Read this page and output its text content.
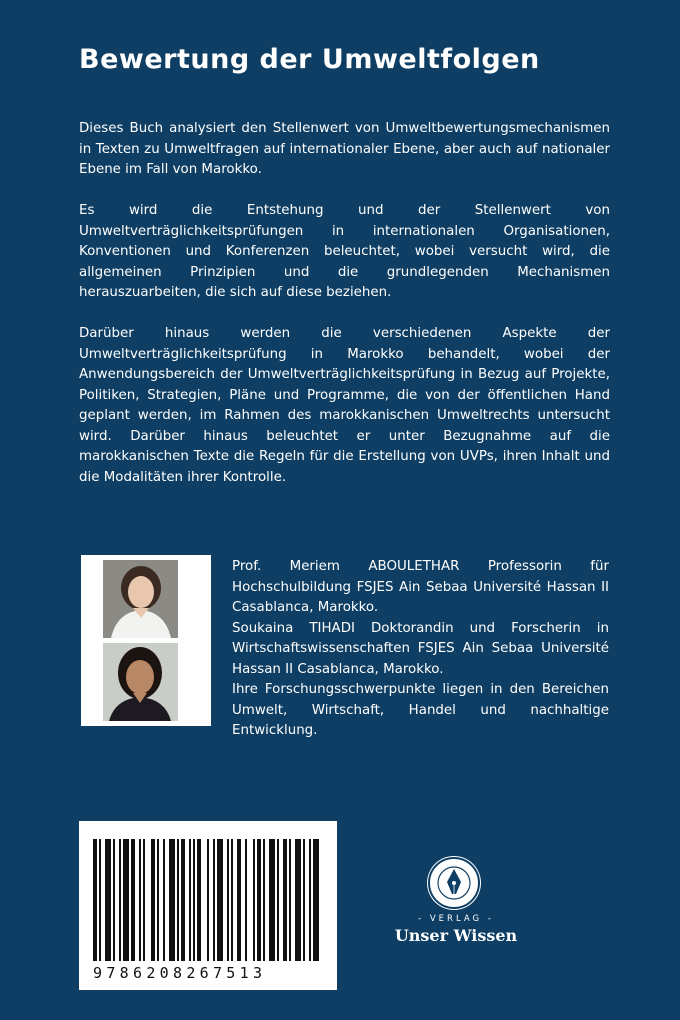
Bewertung der Umweltfolgen

Dieses Buch analysiert den Stellenwert von Umweltbewertungsmechanismen in Texten zu Umweltfragen auf internationaler Ebene, aber auch auf nationaler Ebene im Fall von Marokko.

Es wird die Entstehung und der Stellenwert von Umweltverträglichkeitsprüfungen in internationalen Organisationen, Konventionen und Konferenzen beleuchtet, wobei versucht wird, die allgemeinen Prinzipien und die grundlegenden Mechanismen herauszuarbeiten, die sich auf diese beziehen.

Darüber hinaus werden die verschiedenen Aspekte der Umweltverträglichkeitsprüfung in Marokko behandelt, wobei der Anwendungsbereich der Umweltverträglichkeitsprüfung in Bezug auf Projekte, Politiken, Strategien, Pläne und Programme, die von der öffentlichen Hand geplant werden, im Rahmen des marokkanischen Umweltrechts untersucht wird. Darüber hinaus beleuchtet er unter Bezugnahme auf die marokkanischen Texte die Regeln für die Erstellung von UVPs, ihren Inhalt und die Modalitäten ihrer Kontrolle.

Prof. Meriem ABOULETHAR Professorin für Hochschulbildung FSJES Ain Sebaa Université Hassan II Casablanca, Marokko.

Soukaina TIHADI Doktorandin und Forscherin in Wirtschaftswissenschaften FSJES Ain Sebaa Université Hassan II Casablanca, Marokko.

Ihre Forschungsschwerpunkte liegen in den Bereichen Umwelt, Wirtschaft, Handel und nachhaltige Entwicklung.

9786208267513
- VERLAG -
Unser Wissen
